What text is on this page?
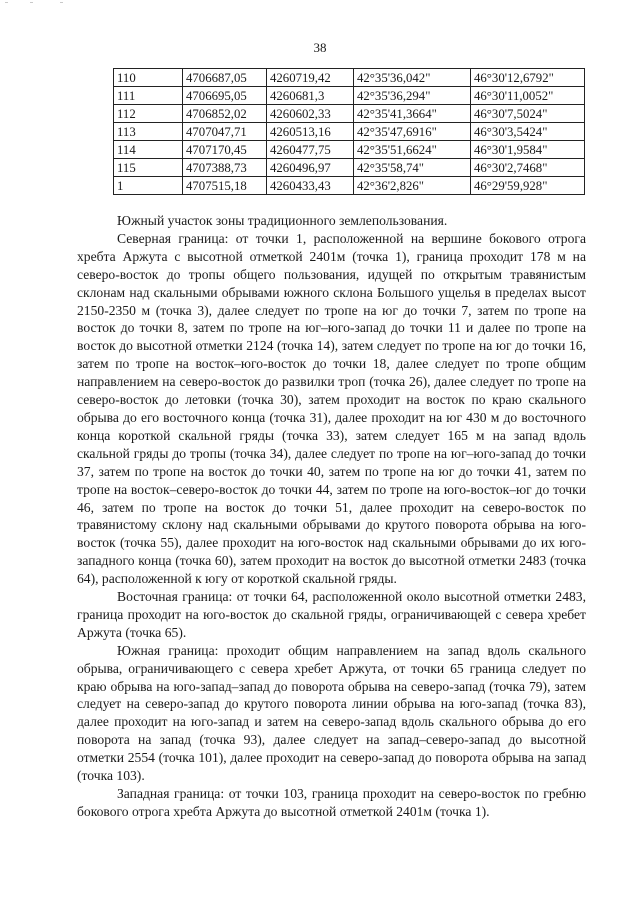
38
110	4706687,05	4260719,42	42°35'36,042"	46°30'12,6792"
111	4706695,05	4260681,3	42°35'36,294"	46°30'11,0052"
112	4706852,02	4260602,33	42°35'41,3664"	46°30'7,5024"
113	4707047,71	4260513,16	42°35'47,6916"	46°30'3,5424"
114	4707170,45	4260477,75	42°35'51,6624"	46°30'1,9584"
115	4707388,73	4260496,97	42°35'58,74"	46°30'2,7468"
1	4707515,18	4260433,43	42°36'2,826"	46°29'59,928"

Южный участок зоны традиционного землепользования.

Северная граница: от точки 1, расположенной на вершине бокового отрога хребта Аржута с высотной отметкой 2401м (точка 1), граница проходит 178 м на северо-восток до тропы общего пользования, идущей по открытым травянистым склонам над скальными обрывами южного склона Большого ущелья в пределах высот 2150-2350 м (точка 3), далее следует по тропе на юг до точки 7, затем по тропе на восток до точки 8, затем по тропе на юг–юго-запад до точки 11 и далее по тропе на восток до высотной отметки 2124 (точка 14), затем следует по тропе на юг до точки 16, затем по тропе на восток–юго-восток до точки 18, далее следует по тропе общим направлением на северо-восток до развилки троп (точка 26), далее следует по тропе на северо-восток до летовки (точка 30), затем проходит на восток по краю скального обрыва до его восточного конца (точка 31), далее проходит на юг 430 м до восточного конца короткой скальной гряды (точка 33), затем следует 165 м на запад вдоль скальной гряды до тропы (точка 34), далее следует по тропе на юг–юго-запад до точки 37, затем по тропе на восток до точки 40, затем по тропе на юг до точки 41, затем по тропе на восток–северо-восток до точки 44, затем по тропе на юго-восток–юг до точки 46, затем по тропе на восток до точки 51, далее проходит на северо-восток по травянистому склону над скальными обрывами до крутого поворота обрыва на юго-восток (точка 55), далее проходит на юго-восток над скальными обрывами до их юго-западного конца (точка 60), затем проходит на восток до высотной отметки 2483 (точка 64), расположенной к югу от короткой скальной гряды.

Восточная граница: от точки 64, расположенной около высотной отметки 2483, граница проходит на юго-восток до скальной гряды, ограничивающей с севера хребет Аржута (точка 65).

Южная граница: проходит общим направлением на запад вдоль скального обрыва, ограничивающего с севера хребет Аржута, от точки 65 граница следует по краю обрыва на юго-запад–запад до поворота обрыва на северо-запад (точка 79), затем следует на северо-запад до крутого поворота линии обрыва на юго-запад (точка 83), далее проходит на юго-запад и затем на северо-запад вдоль скального обрыва до его поворота на запад (точка 93), далее следует на запад–северо-запад до высотной отметки 2554 (точка 101), далее проходит на северо-запад до поворота обрыва на запад (точка 103).

Западная граница: от точки 103, граница проходит на северо-восток по гребню бокового отрога хребта Аржута до высотной отметкой 2401м (точка 1).
